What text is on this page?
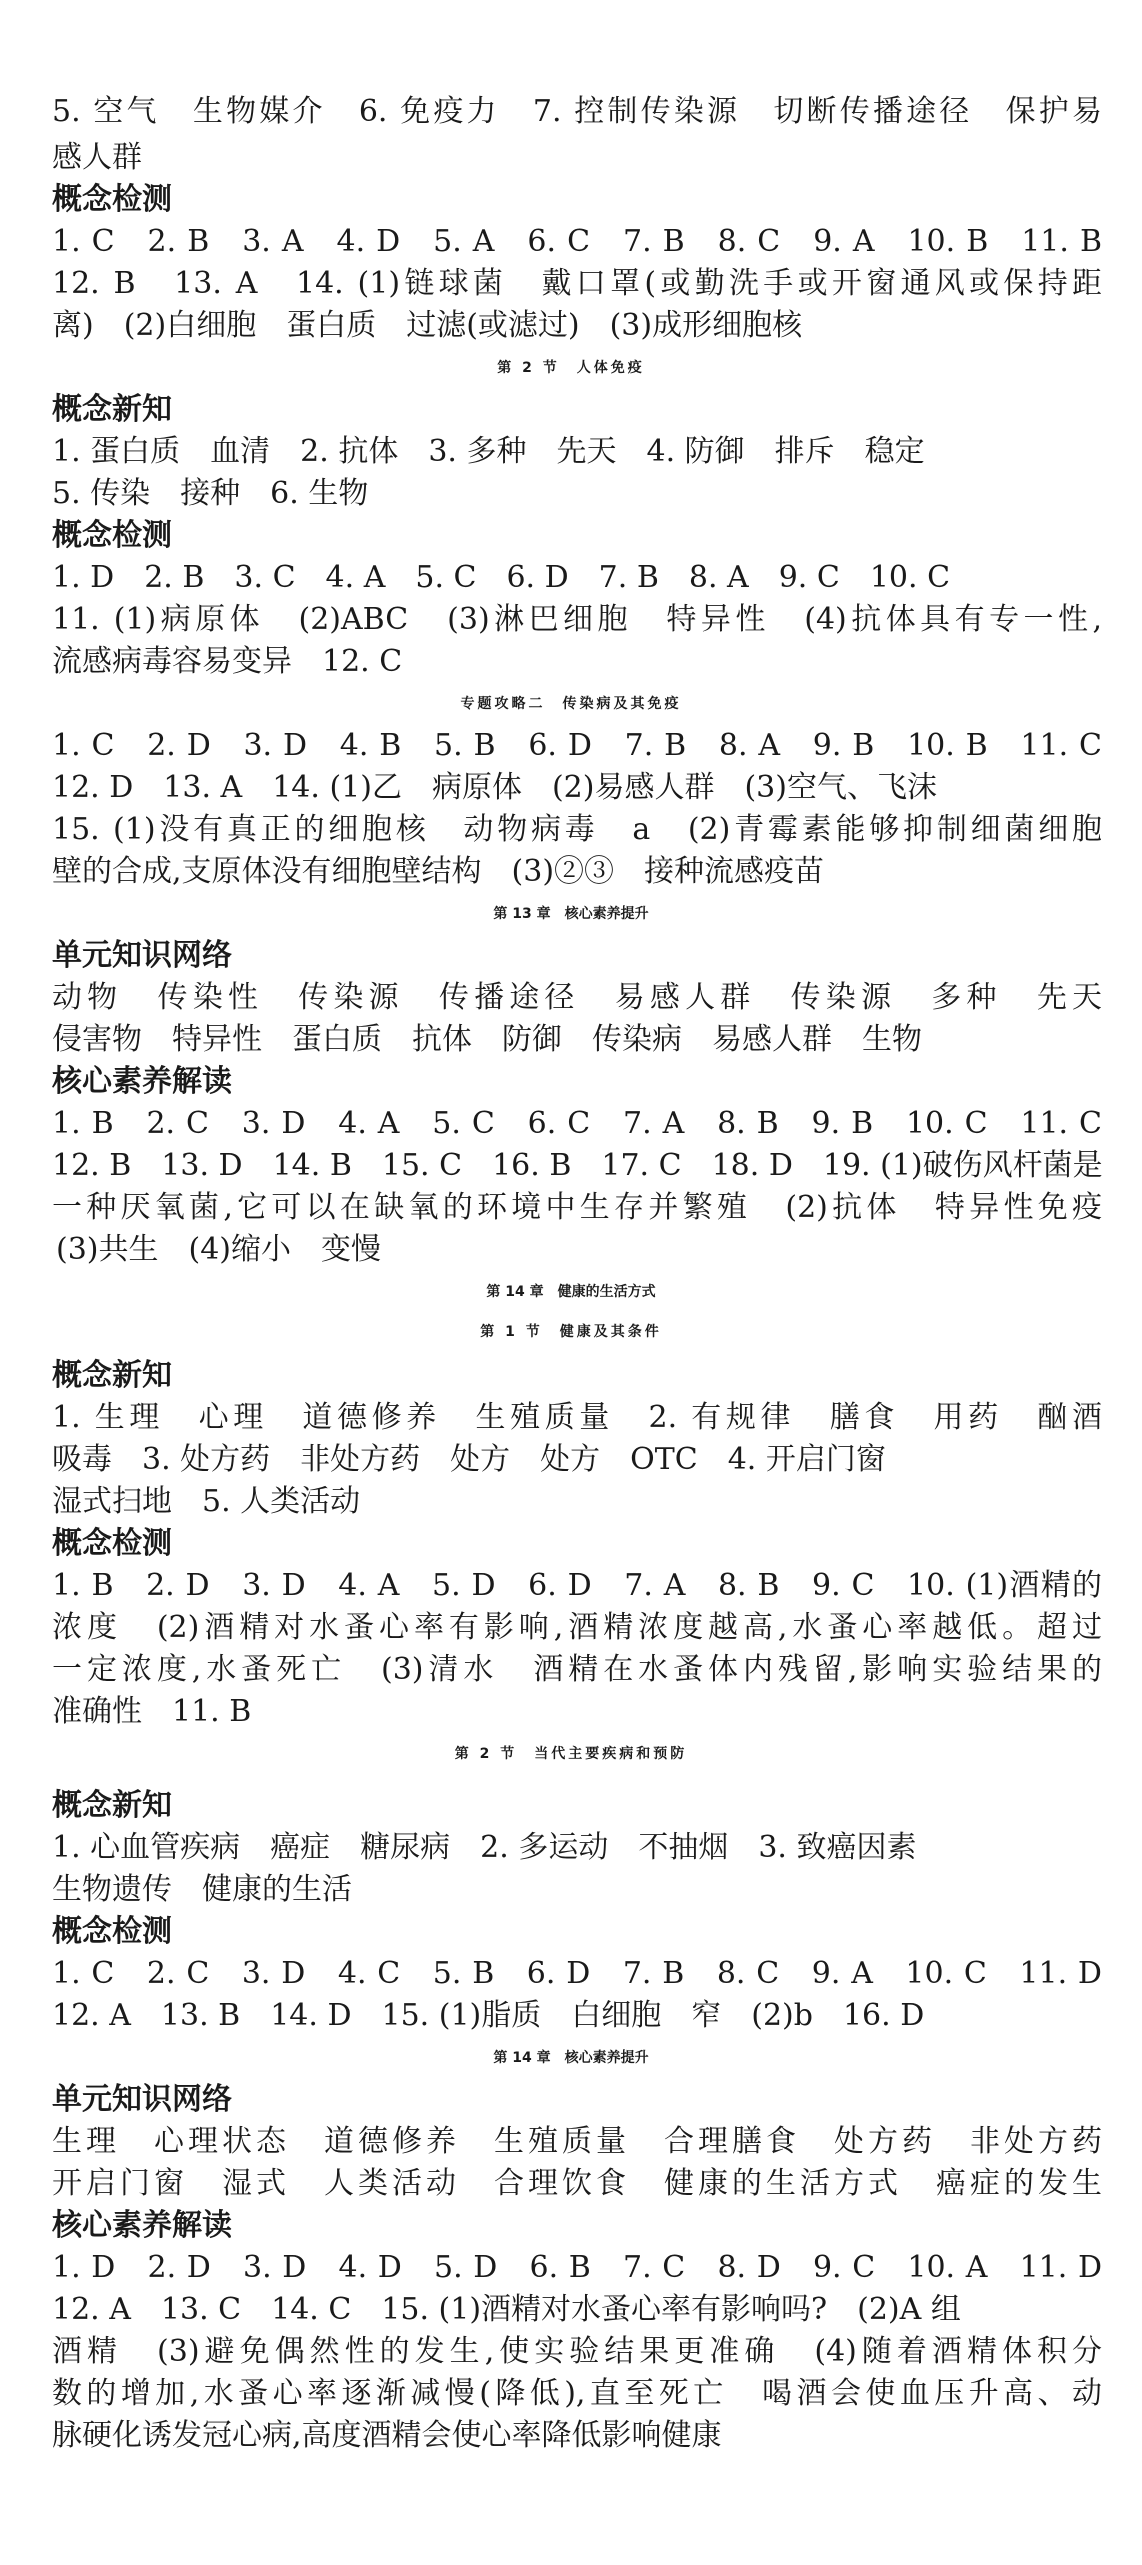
5. 空气　生物媒介　6. 免疫力　7. 控制传染源　切断传播途径　保护易
感人群
概念检测
1. C　2. B　3. A　4. D　5. A　6. C　7. B　8. C　9. A　10. B　11. B
12. B　13. A　14. (1)链球菌　戴口罩(或勤洗手或开窗通风或保持距
离)　(2)白细胞　蛋白质　过滤(或滤过)　(3)成形细胞核
第 2 节　人体免疫
概念新知
1. 蛋白质　血清　2. 抗体　3. 多种　先天　4. 防御　排斥　稳定
5. 传染　接种　6. 生物
概念检测
1. D　2. B　3. C　4. A　5. C　6. D　7. B　8. A　9. C　10. C
11. (1)病原体　(2)ABC　(3)淋巴细胞　特异性　(4)抗体具有专一性,
流感病毒容易变异　12. C
专题攻略二　传染病及其免疫
1. C　2. D　3. D　4. B　5. B　6. D　7. B　8. A　9. B　10. B　11. C
12. D　13. A　14. (1)乙　病原体　(2)易感人群　(3)空气、飞沫
15. (1)没有真正的细胞核　动物病毒　a　(2)青霉素能够抑制细菌细胞
壁的合成,支原体没有细胞壁结构　(3)②③　接种流感疫苗
第 13 章　核心素养提升
单元知识网络
动物　传染性　传染源　传播途径　易感人群　传染源　多种　先天
侵害物　特异性　蛋白质　抗体　防御　传染病　易感人群　生物
核心素养解读
1. B　2. C　3. D　4. A　5. C　6. C　7. A　8. B　9. B　10. C　11. C
12. B　13. D　14. B　15. C　16. B　17. C　18. D　19. (1)破伤风杆菌是
一种厌氧菌,它可以在缺氧的环境中生存并繁殖　(2)抗体　特异性免疫
(3)共生　(4)缩小　变慢
第 14 章　健康的生活方式
第 1 节　健康及其条件
概念新知
1. 生理　心理　道德修养　生殖质量　2. 有规律　膳食　用药　酗酒
吸毒　3. 处方药　非处方药　处方　处方　OTC　4. 开启门窗
湿式扫地　5. 人类活动
概念检测
1. B　2. D　3. D　4. A　5. D　6. D　7. A　8. B　9. C　10. (1)酒精的
浓度　(2)酒精对水蚤心率有影响,酒精浓度越高,水蚤心率越低。超过
一定浓度,水蚤死亡　(3)清水　酒精在水蚤体内残留,影响实验结果的
准确性　11. B
第 2 节　当代主要疾病和预防
概念新知
1. 心血管疾病　癌症　糖尿病　2. 多运动　不抽烟　3. 致癌因素
生物遗传　健康的生活
概念检测
1. C　2. C　3. D　4. C　5. B　6. D　7. B　8. C　9. A　10. C　11. D
12. A　13. B　14. D　15. (1)脂质　白细胞　窄　(2)b　16. D
第 14 章　核心素养提升
单元知识网络
生理　心理状态　道德修养　生殖质量　合理膳食　处方药　非处方药
开启门窗　湿式　人类活动　合理饮食　健康的生活方式　癌症的发生
核心素养解读
1. D　2. D　3. D　4. D　5. D　6. B　7. C　8. D　9. C　10. A　11. D
12. A　13. C　14. C　15. (1)酒精对水蚤心率有影响吗?　(2)A 组
酒精　(3)避免偶然性的发生,使实验结果更准确　(4)随着酒精体积分
数的增加,水蚤心率逐渐减慢(降低),直至死亡　喝酒会使血压升高、动
脉硬化诱发冠心病,高度酒精会使心率降低影响健康
